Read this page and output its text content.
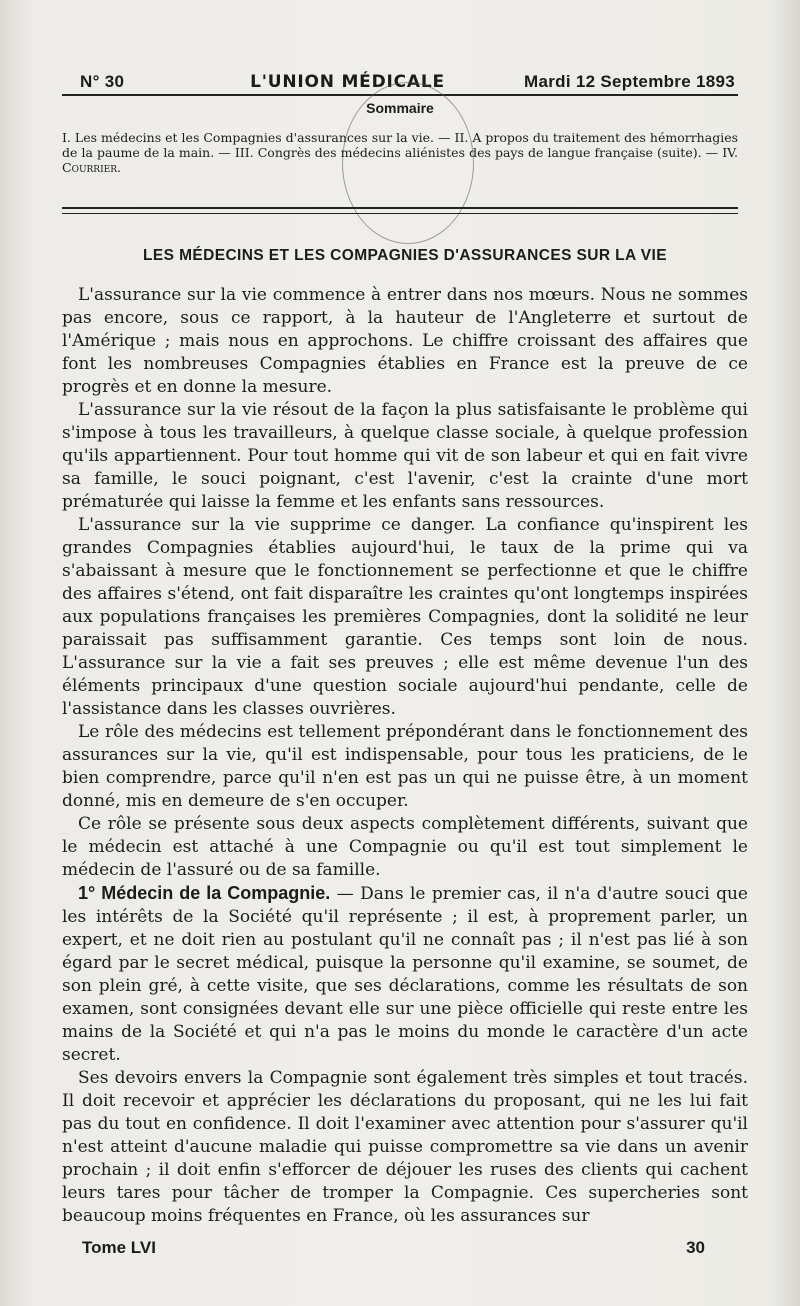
N° 30	L'UNION MÉDICALE	Mardi 12 Septembre 1893
Sommaire
I. Les médecins et les Compagnies d'assurances sur la vie. — II. A propos du traitement des hémorrhagies de la paume de la main. — III. Congrès des médecins aliénistes des pays de langue française (suite). — IV. Courrier.
LES MÉDECINS ET LES COMPAGNIES D'ASSURANCES SUR LA VIE

L'assurance sur la vie commence à entrer dans nos mœurs. Nous ne sommes pas encore, sous ce rapport, à la hauteur de l'Angleterre et surtout de l'Amérique ; mais nous en approchons. Le chiffre croissant des affaires que font les nombreuses Compagnies établies en France est la preuve de ce progrès et en donne la mesure.

L'assurance sur la vie résout de la façon la plus satisfaisante le problème qui s'impose à tous les travailleurs, à quelque classe sociale, à quelque profession qu'ils appartiennent. Pour tout homme qui vit de son labeur et qui en fait vivre sa famille, le souci poignant, c'est l'avenir, c'est la crainte d'une mort prématurée qui laisse la femme et les enfants sans ressources.

L'assurance sur la vie supprime ce danger. La confiance qu'inspirent les grandes Compagnies établies aujourd'hui, le taux de la prime qui va s'abaissant à mesure que le fonctionnement se perfectionne et que le chiffre des affaires s'étend, ont fait disparaître les craintes qu'ont longtemps inspirées aux populations françaises les premières Compagnies, dont la solidité ne leur paraissait pas suffisamment garantie. Ces temps sont loin de nous. L'assurance sur la vie a fait ses preuves ; elle est même devenue l'un des éléments principaux d'une question sociale aujourd'hui pendante, celle de l'assistance dans les classes ouvrières.

Le rôle des médecins est tellement prépondérant dans le fonctionnement des assurances sur la vie, qu'il est indispensable, pour tous les praticiens, de le bien comprendre, parce qu'il n'en est pas un qui ne puisse être, à un moment donné, mis en demeure de s'en occuper.

Ce rôle se présente sous deux aspects complètement différents, suivant que le médecin est attaché à une Compagnie ou qu'il est tout simplement le médecin de l'assuré ou de sa famille.

1° Médecin de la Compagnie. — Dans le premier cas, il n'a d'autre souci que les intérêts de la Société qu'il représente ; il est, à proprement parler, un expert, et ne doit rien au postulant qu'il ne connaît pas ; il n'est pas lié à son égard par le secret médical, puisque la personne qu'il examine, se soumet, de son plein gré, à cette visite, que ses déclarations, comme les résultats de son examen, sont consignées devant elle sur une pièce officielle qui reste entre les mains de la Société et qui n'a pas le moins du monde le caractère d'un acte secret.

Ses devoirs envers la Compagnie sont également très simples et tout tracés. Il doit recevoir et apprécier les déclarations du proposant, qui ne les lui fait pas du tout en confidence. Il doit l'examiner avec attention pour s'assurer qu'il n'est atteint d'aucune maladie qui puisse compromettre sa vie dans un avenir prochain ; il doit enfin s'efforcer de déjouer les ruses des clients qui cachent leurs tares pour tâcher de tromper la Compagnie. Ces supercheries sont beaucoup moins fréquentes en France, où les assurances sur

Tome LVI	30
